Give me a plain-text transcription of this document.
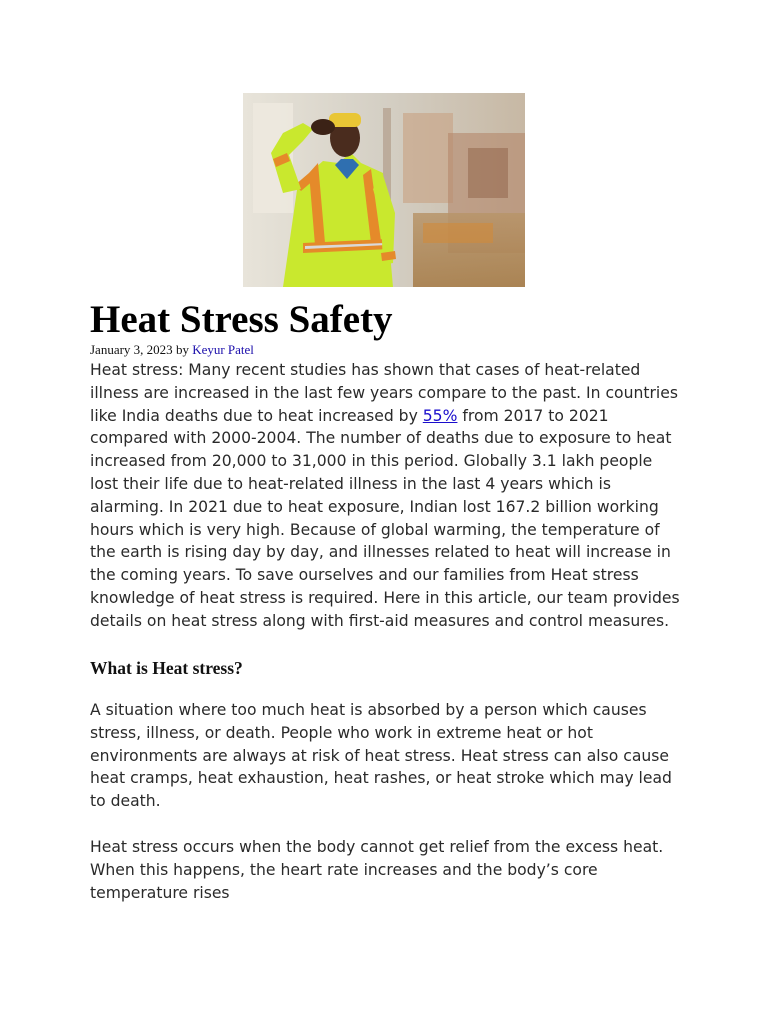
Heat Stress Safety
January 3, 2023 by Keyur Patel

Heat stress: Many recent studies has shown that cases of heat-related illness are increased in the last few years compare to the past. In countries like India deaths due to heat increased by 55% from 2017 to 2021 compared with 2000-2004. The number of deaths due to exposure to heat increased from 20,000 to 31,000 in this period. Globally 3.1 lakh people lost their life due to heat-related illness in the last 4 years which is alarming. In 2021 due to heat exposure, Indian lost 167.2 billion working hours which is very high. Because of global warming, the temperature of the earth is rising day by day, and illnesses related to heat will increase in the coming years. To save ourselves and our families from Heat stress knowledge of heat stress is required. Here in this article, our team provides details on heat stress along with first-aid measures and control measures.

What is Heat stress?

A situation where too much heat is absorbed by a person which causes stress, illness, or death. People who work in extreme heat or hot environments are always at risk of heat stress. Heat stress can also cause heat cramps, heat exhaustion, heat rashes, or heat stroke which may lead to death.

Heat stress occurs when the body cannot get relief from the excess heat. When this happens, the heart rate increases and the body’s core temperature rises
